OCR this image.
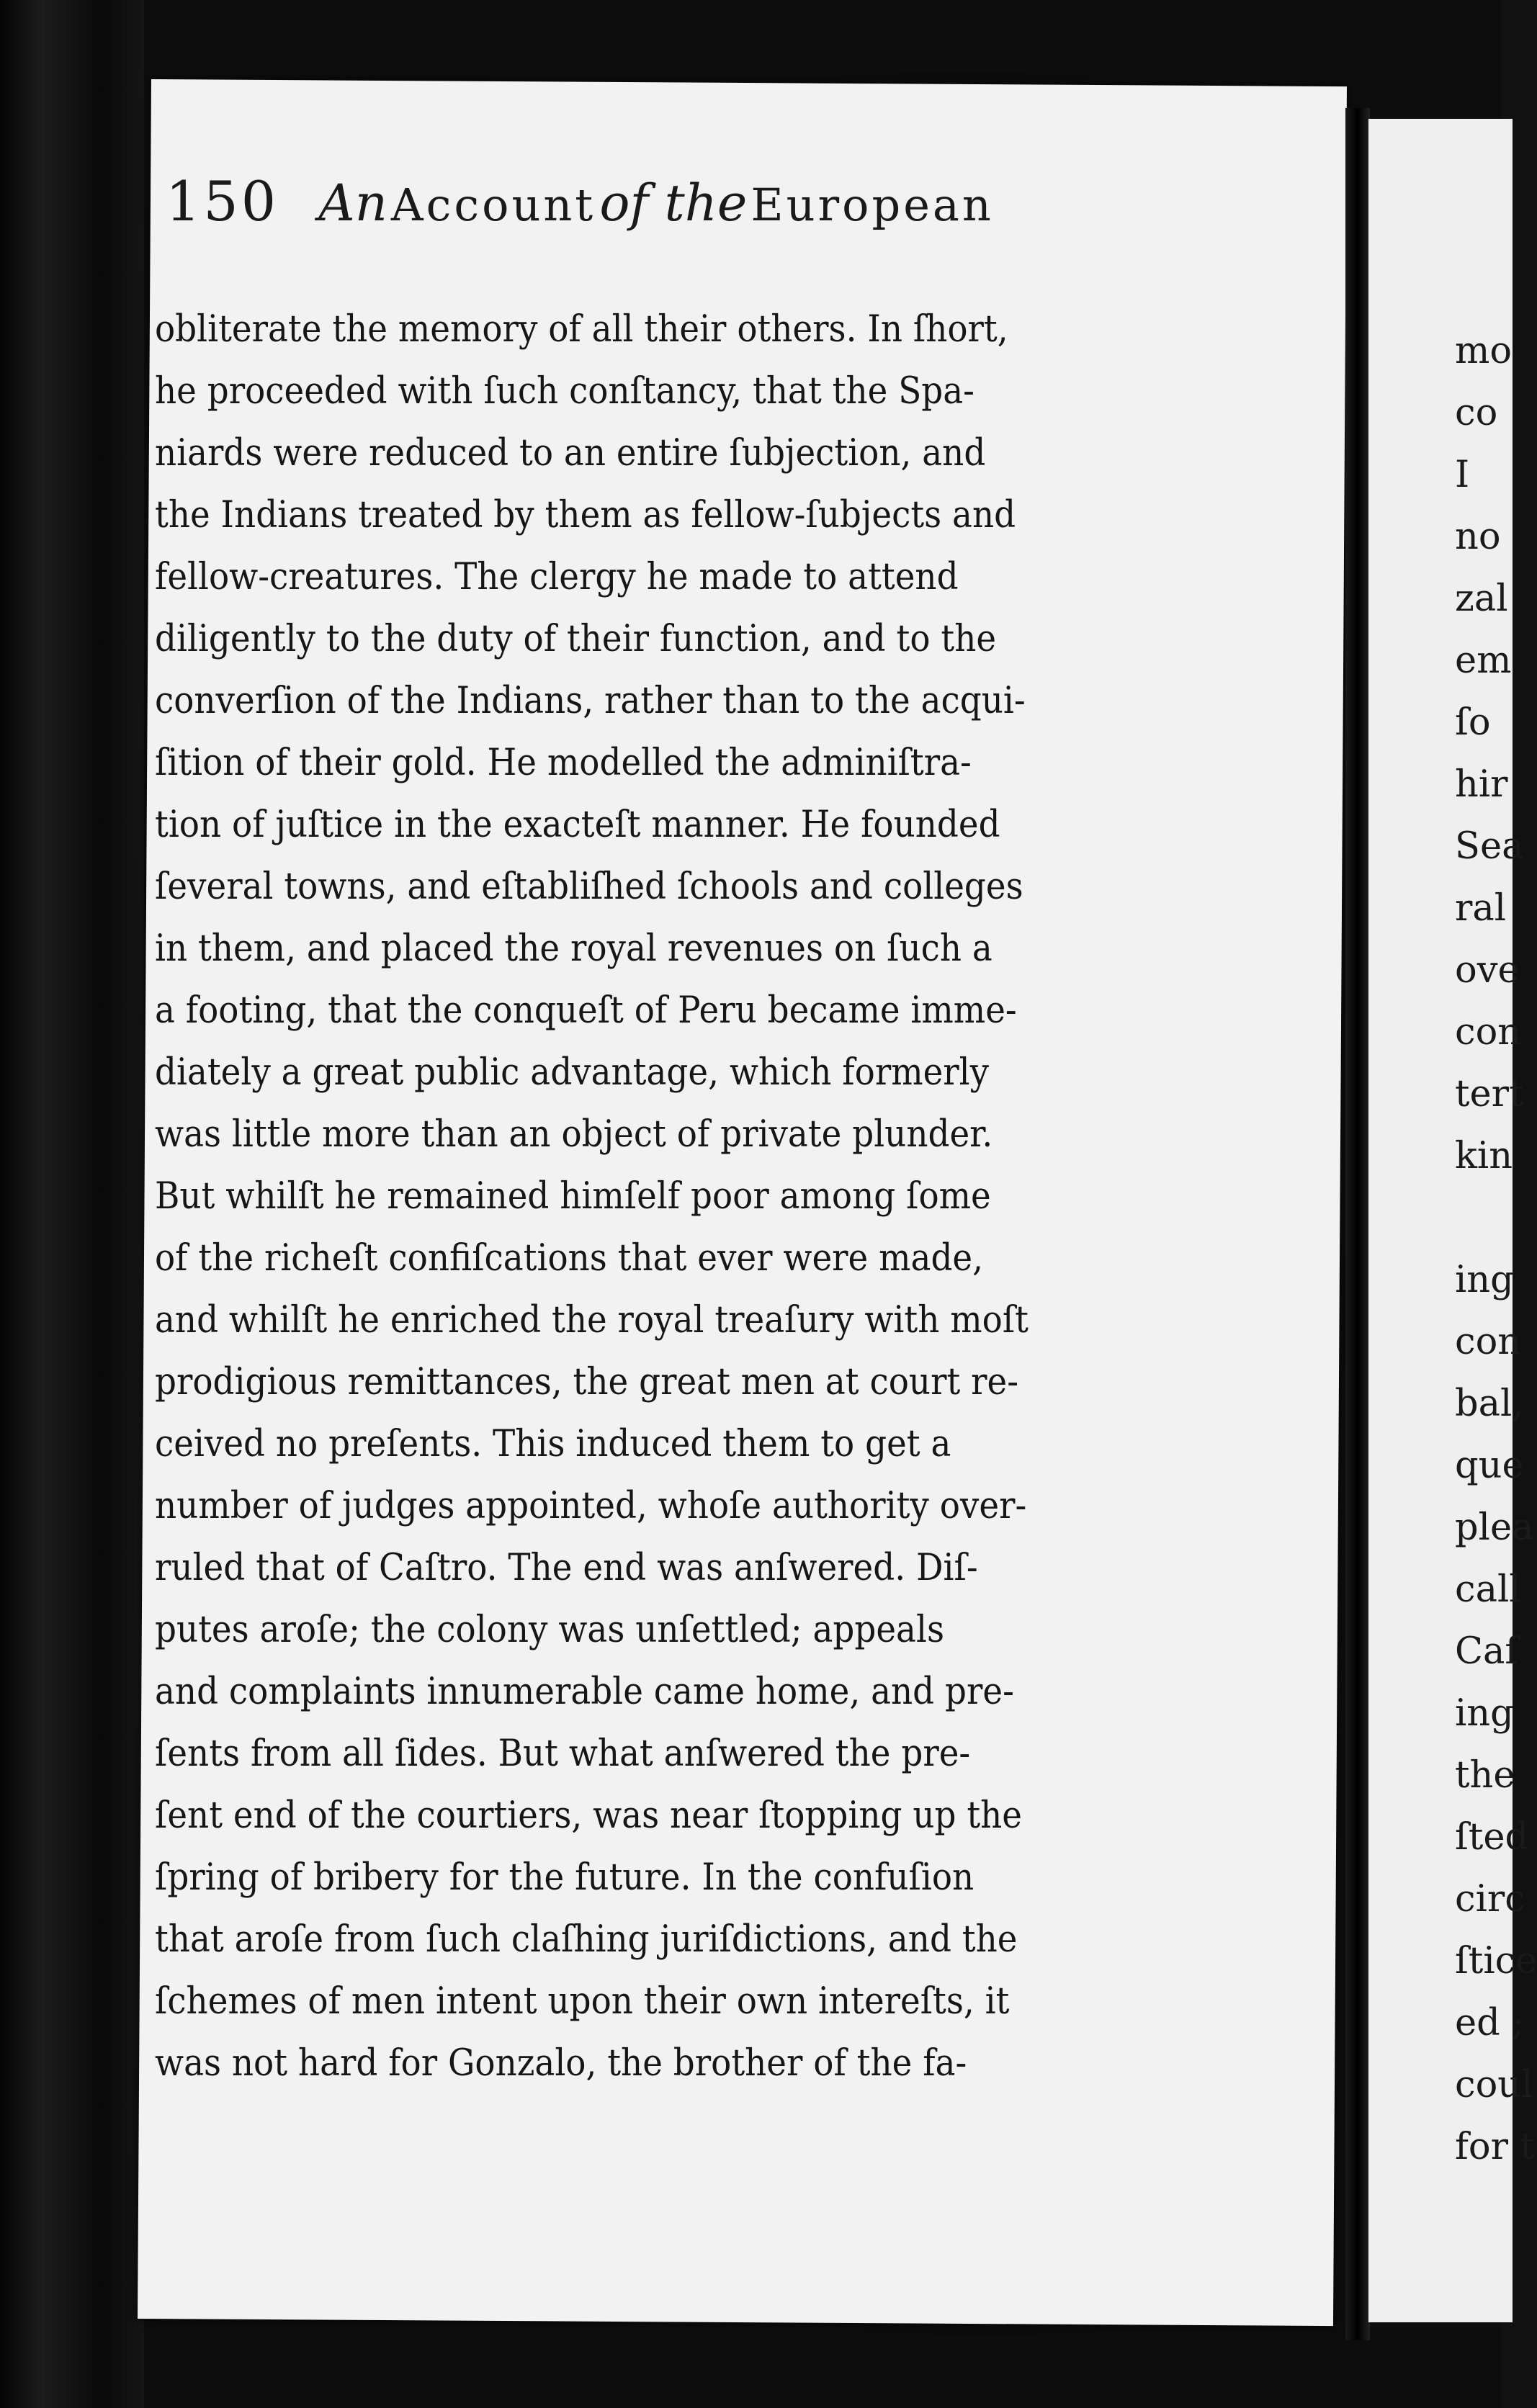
150 An Account of the European
obliterate the memory of all their others. In ſhort,
he proceeded with ſuch conſtancy, that the Spa-
niards were reduced to an entire ſubjection, and
the Indians treated by them as fellow-ſubjects and
fellow-creatures. The clergy he made to attend
diligently to the duty of their function, and to the
converſion of the Indians, rather than to the acqui-
ſition of their gold. He modelled the adminiſtra-
tion of juſtice in the exacteſt manner. He founded
ſeveral towns, and eſtabliſhed ſchools and colleges
in them, and placed the royal revenues on ſuch a
a footing, that the conqueſt of Peru became imme-
diately a great public advantage, which formerly
was little more than an object of private plunder.
But whilſt he remained himſelf poor among ſome
of the richeſt confiſcations that ever were made,
and whilſt he enriched the royal treaſury with moſt
prodigious remittances, the great men at court re-
ceived no preſents. This induced them to get a
number of judges appointed, whoſe authority over-
ruled that of Caſtro. The end was anſwered. Diſ-
putes aroſe; the colony was unſettled; appeals
and complaints innumerable came home, and pre-
ſents from all ſides. But what anſwered the pre-
ſent end of the courtiers, was near ſtopping up the
ſpring of bribery for the future. In the confuſion
that aroſe from ſuch claſhing juriſdictions, and the
ſchemes of men intent upon their own intereſts, it
was not hard for Gonzalo, the brother of the fa-
mo
co
I
no
zal
em
ſo
hir
Sea
ral
ove
con
tert
kin
ing
con
bal,
que
plea
call
Caſ
ing
the
ſted
circ
ſtice
ed ;
coul
for t
